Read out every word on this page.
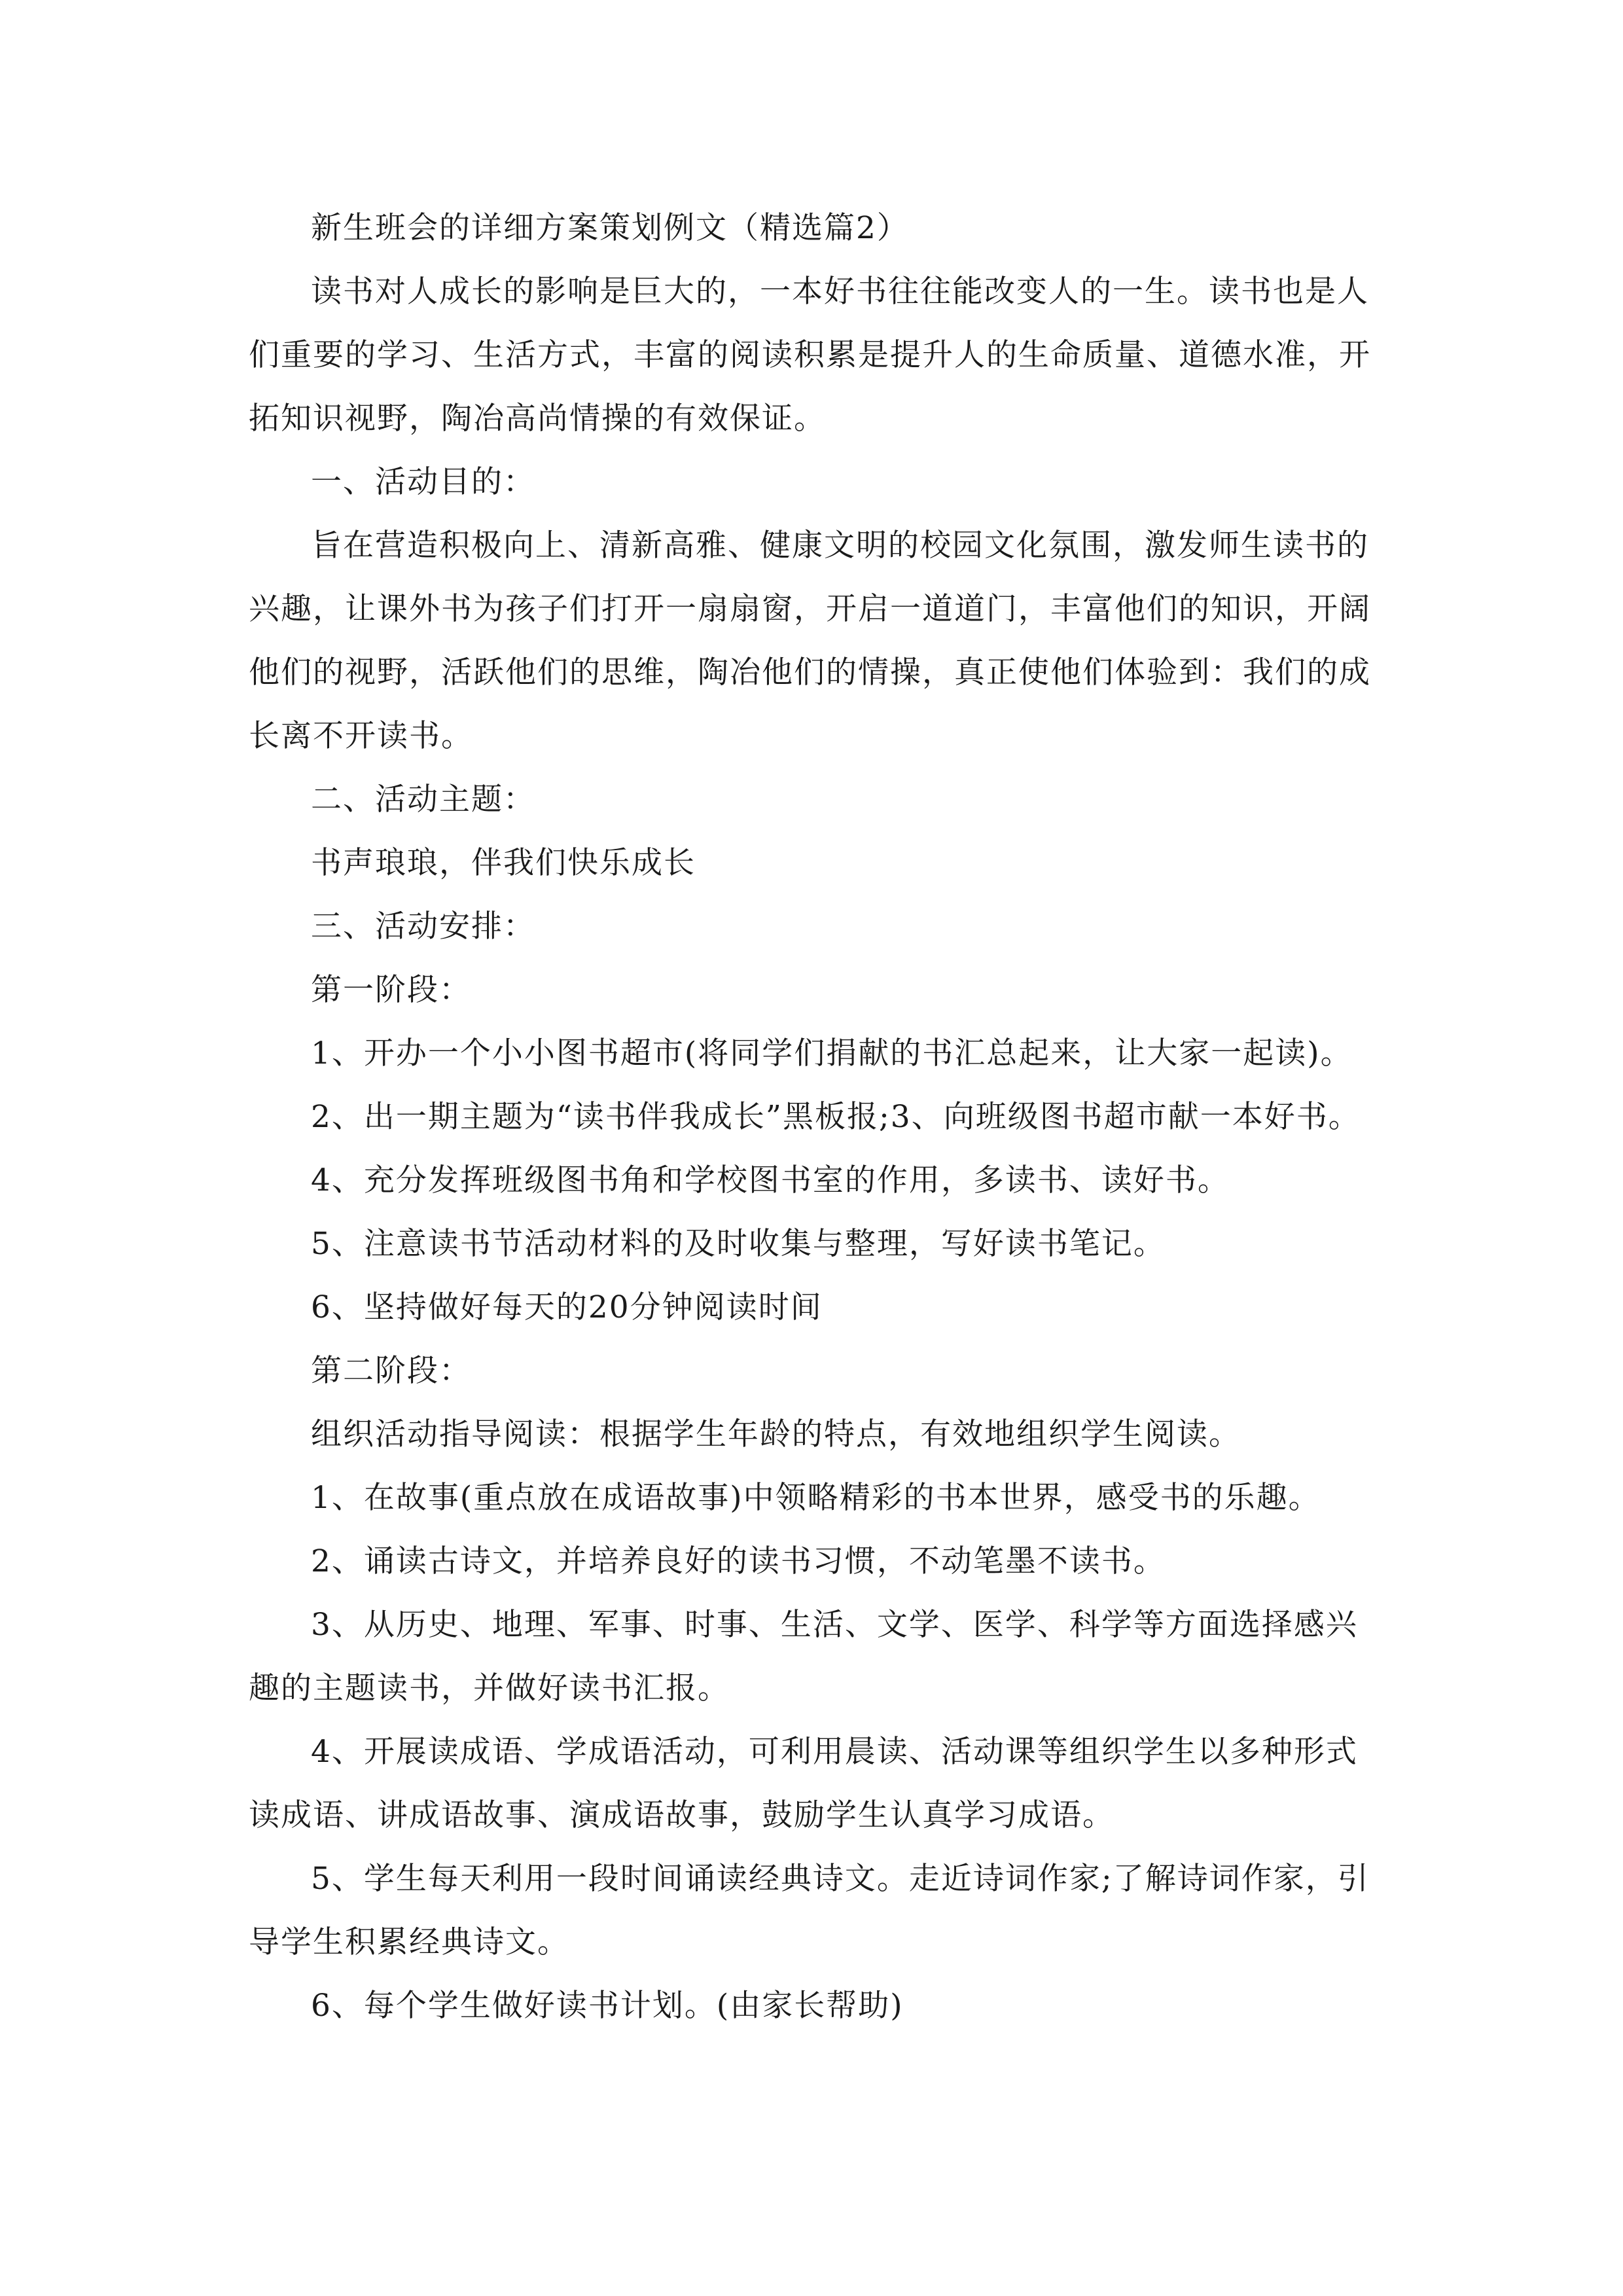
新生班会的详细方案策划例文（精选篇2）
读书对人成长的影响是巨大的，一本好书往往能改变人的一生。读书也是人
们重要的学习、生活方式，丰富的阅读积累是提升人的生命质量、道德水准，开
拓知识视野，陶冶高尚情操的有效保证。
一、活动目的：
旨在营造积极向上、清新高雅、健康文明的校园文化氛围，激发师生读书的
兴趣，让课外书为孩子们打开一扇扇窗，开启一道道门，丰富他们的知识，开阔
他们的视野，活跃他们的思维，陶冶他们的情操，真正使他们体验到：我们的成
长离不开读书。
二、活动主题：
书声琅琅，伴我们快乐成长
三、活动安排：
第一阶段：
1、开办一个小小图书超市(将同学们捐献的书汇总起来，让大家一起读)。
2、出一期主题为“读书伴我成长”黑板报;3、向班级图书超市献一本好书。
4、充分发挥班级图书角和学校图书室的作用，多读书、读好书。
5、注意读书节活动材料的及时收集与整理，写好读书笔记。
6、坚持做好每天的20分钟阅读时间
第二阶段：
组织活动指导阅读：根据学生年龄的特点，有效地组织学生阅读。
1、在故事(重点放在成语故事)中领略精彩的书本世界，感受书的乐趣。
2、诵读古诗文，并培养良好的读书习惯，不动笔墨不读书。
3、从历史、地理、军事、时事、生活、文学、医学、科学等方面选择感兴
趣的主题读书，并做好读书汇报。
4、开展读成语、学成语活动，可利用晨读、活动课等组织学生以多种形式
读成语、讲成语故事、演成语故事，鼓励学生认真学习成语。
5、学生每天利用一段时间诵读经典诗文。走近诗词作家;了解诗词作家，引
导学生积累经典诗文。
6、每个学生做好读书计划。(由家长帮助)
